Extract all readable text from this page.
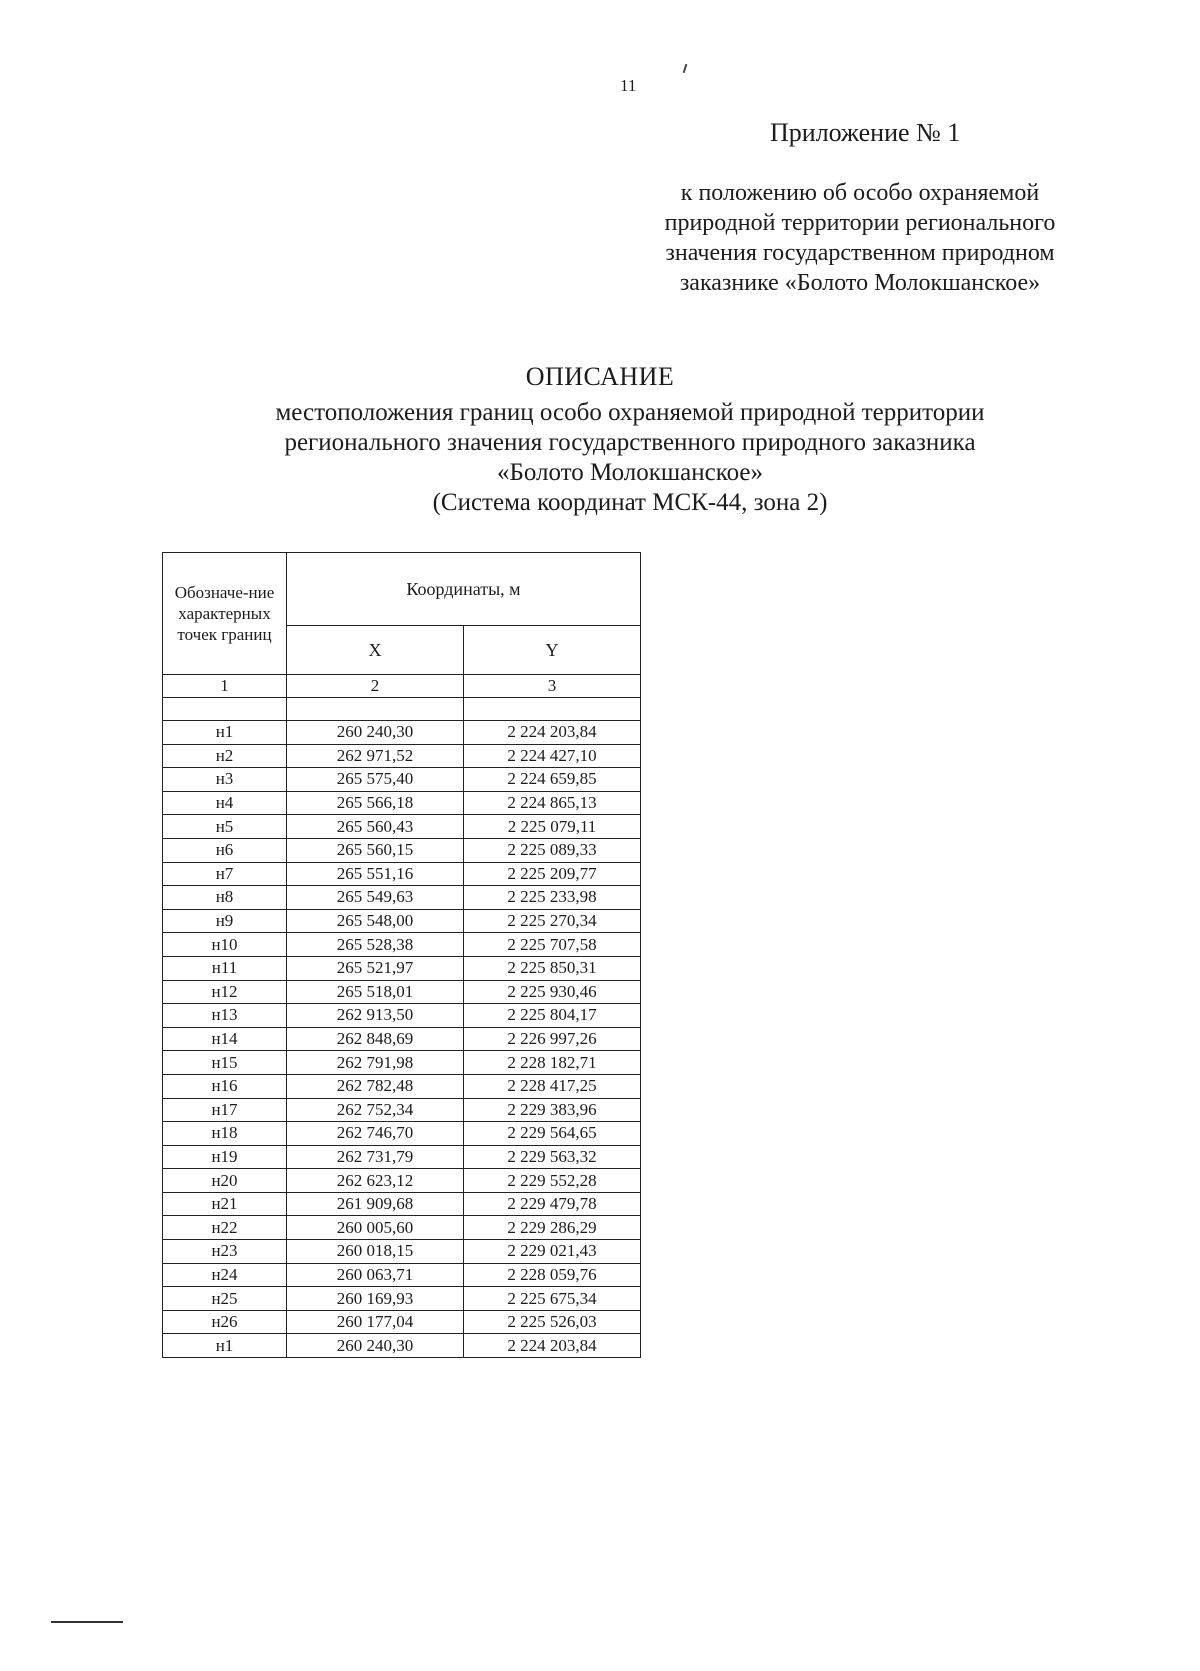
11
Приложение № 1
к положению об особо охраняемой
природной территории регионального
значения государственном природном
заказнике «Болото Молокшанское»
ОПИСАНИЕ
местоположения границ особо охраняемой природной территории
регионального значения государственного природного заказника
«Болото Молокшанское»
(Система координат МСК-44, зона 2)
Обозначе-ние характерных точек границ	Координаты, м	
	X	Y
1	2	3

н1	260 240,30	2 224 203,84
н2	262 971,52	2 224 427,10
н3	265 575,40	2 224 659,85
н4	265 566,18	2 224 865,13
н5	265 560,43	2 225 079,11
н6	265 560,15	2 225 089,33
н7	265 551,16	2 225 209,77
н8	265 549,63	2 225 233,98
н9	265 548,00	2 225 270,34
н10	265 528,38	2 225 707,58
н11	265 521,97	2 225 850,31
н12	265 518,01	2 225 930,46
н13	262 913,50	2 225 804,17
н14	262 848,69	2 226 997,26
н15	262 791,98	2 228 182,71
н16	262 782,48	2 228 417,25
н17	262 752,34	2 229 383,96
н18	262 746,70	2 229 564,65
н19	262 731,79	2 229 563,32
н20	262 623,12	2 229 552,28
н21	261 909,68	2 229 479,78
н22	260 005,60	2 229 286,29
н23	260 018,15	2 229 021,43
н24	260 063,71	2 228 059,76
н25	260 169,93	2 225 675,34
н26	260 177,04	2 225 526,03
н1	260 240,30	2 224 203,84
